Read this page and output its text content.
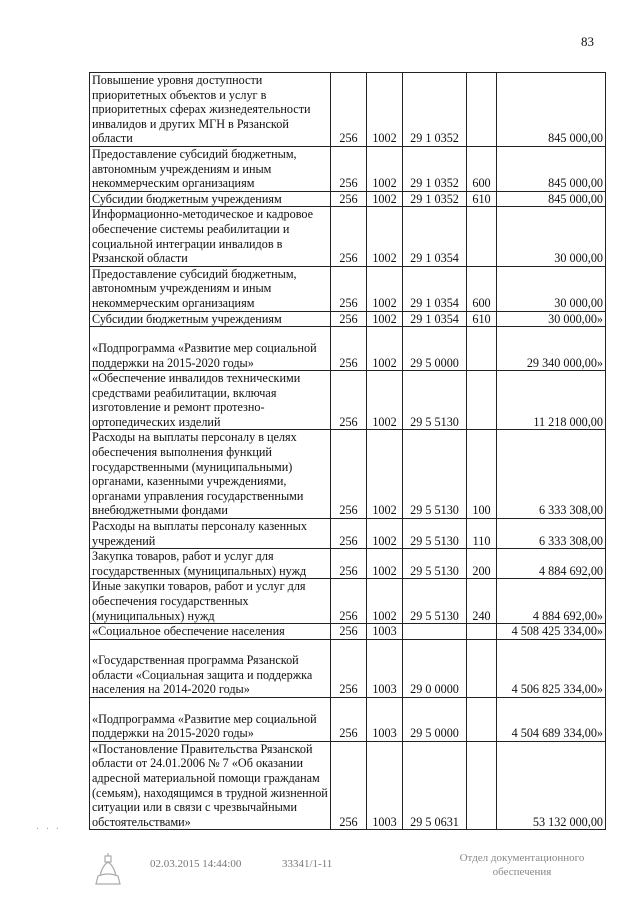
83
Повышение уровня доступности приоритетных объектов и услуг в приоритетных сферах жизнедеятельности инвалидов и других МГН в Рязанской области	256	1002	29 1 0352		845 000,00
Предоставление субсидий бюджетным, автономным учреждениям и иным некоммерческим организациям	256	1002	29 1 0352	600	845 000,00
Субсидии бюджетным учреждениям	256	1002	29 1 0352	610	845 000,00
Информационно-методическое и кадровое обеспечение системы реабилитации и социальной интеграции инвалидов в Рязанской области	256	1002	29 1 0354		30 000,00
Предоставление субсидий бюджетным, автономным учреждениям и иным некоммерческим организациям	256	1002	29 1 0354	600	30 000,00
Субсидии бюджетным учреждениям	256	1002	29 1 0354	610	30 000,00»
«Подпрограмма «Развитие мер социальной поддержки на 2015-2020 годы»	256	1002	29 5 0000		29 340 000,00»
«Обеспечение инвалидов техническими средствами реабилитации, включая изготовление и ремонт протезно-ортопедических изделий	256	1002	29 5 5130		11 218 000,00
Расходы на выплаты персоналу в целях обеспечения выполнения функций государственными (муниципальными) органами, казенными учреждениями, органами управления государственными внебюджетными фондами	256	1002	29 5 5130	100	6 333 308,00
Расходы на выплаты персоналу казенных учреждений	256	1002	29 5 5130	110	6 333 308,00
Закупка товаров, работ и услуг для государственных (муниципальных) нужд	256	1002	29 5 5130	200	4 884 692,00
Иные закупки товаров, работ и услуг для обеспечения государственных (муниципальных) нужд	256	1002	29 5 5130	240	4 884 692,00»
«Социальное обеспечение населения	256	1003			4 508 425 334,00»
«Государственная программа Рязанской области «Социальная защита и поддержка населения на 2014-2020 годы»	256	1003	29 0 0000		4 506 825 334,00»
«Подпрограмма «Развитие мер социальной поддержки на 2015-2020 годы»	256	1003	29 5 0000		4 504 689 334,00»
«Постановление Правительства Рязанской области от 24.01.2006 № 7 «Об оказании адресной материальной помощи гражданам (семьям), находящимся в трудной жизненной ситуации или в связи с чрезвычайными обстоятельствами»	256	1003	29 5 0631		53 132 000,00
02.03.2015 14:44:00	33341/1-11	Отдел документационного обеспечения
· · ·
